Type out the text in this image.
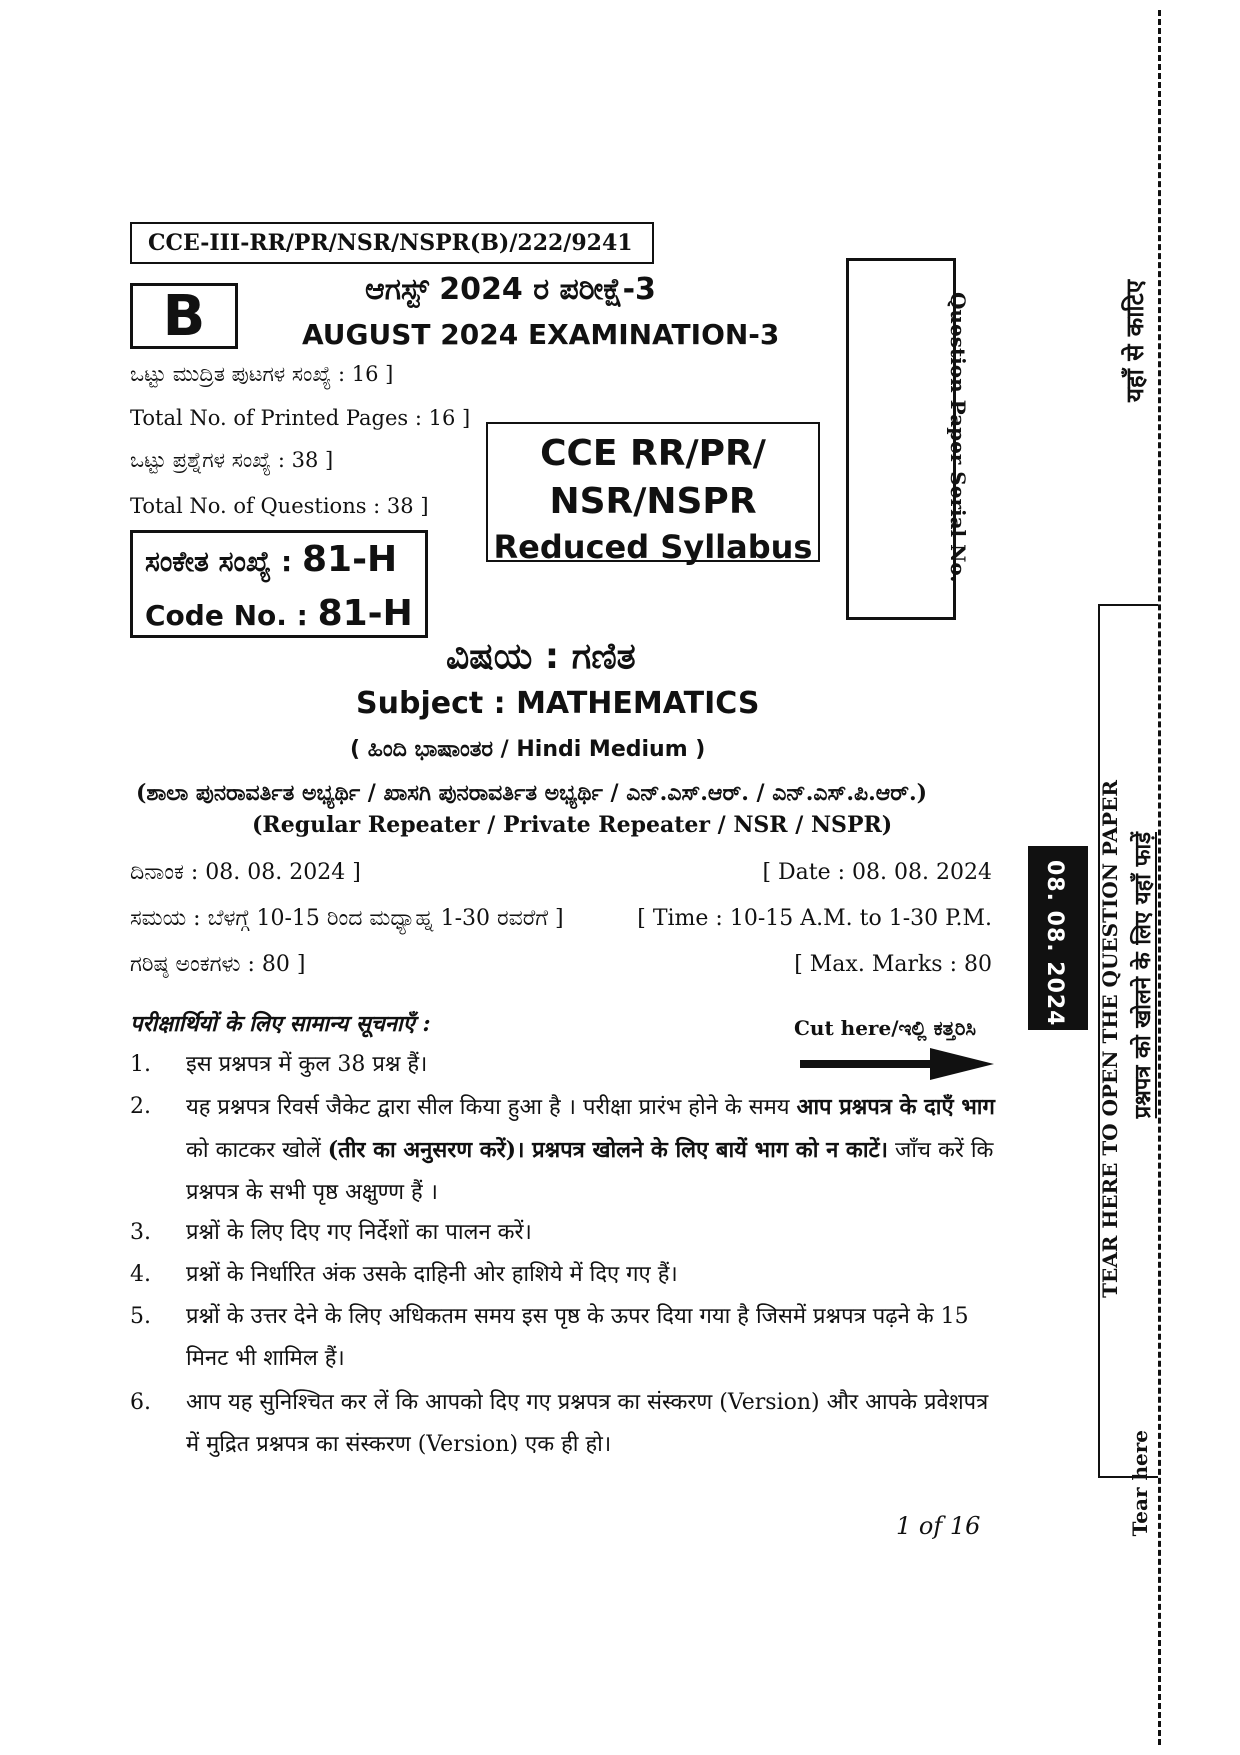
CCE-III-RR/PR/NSR/NSPR(B)/222/9241
B	ಆಗಸ್ಟ್ 2024 ರ ಪರೀಕ್ಷೆ-3
AUGUST 2024 EXAMINATION-3
ಒಟ್ಟು ಮುದ್ರಿತ ಪುಟಗಳ ಸಂಖ್ಯೆ : 16 ]
Total No. of Printed Pages : 16 ]
ಒಟ್ಟು ಪ್ರಶ್ನೆಗಳ ಸಂಖ್ಯೆ : 38 ]
Total No. of Questions : 38 ]
CCE RR/PR/
NSR/NSPR
Reduced Syllabus
ಸಂಕೇತ ಸಂಖ್ಯೆ : 81-H
Code No. : 81-H
Question Paper Serial No.
ವಿಷಯ : ಗಣಿತ
Subject : MATHEMATICS
( ಹಿಂದಿ ಭಾಷಾಂತರ / Hindi Medium )
(ಶಾಲಾ ಪುನರಾವರ್ತಿತ ಅಭ್ಯರ್ಥಿ / ಖಾಸಗಿ ಪುನರಾವರ್ತಿತ ಅಭ್ಯರ್ಥಿ / ಎನ್.ಎಸ್.ಆರ್. / ಎನ್.ಎಸ್.ಪಿ.ಆರ್.)
(Regular Repeater / Private Repeater / NSR / NSPR)
ದಿನಾಂಕ : 08. 08. 2024 ]	[ Date : 08. 08. 2024
ಸಮಯ : ಬೆಳಗ್ಗೆ 10-15 ರಿಂದ ಮಧ್ಯಾಹ್ನ 1-30 ರವರೆಗೆ ]	[ Time : 10-15 A.M. to 1-30 P.M.
ಗರಿಷ್ಠ ಅಂಕಗಳು : 80 ]	[ Max. Marks : 80
परीक्षार्थियों के लिए सामान्य सूचनाएँ :	Cut here/ಇಲ್ಲಿ ಕತ್ತರಿಸಿ
1. इस प्रश्नपत्र में कुल 38 प्रश्न हैं।
2. यह प्रश्नपत्र रिवर्स जैकेट द्वारा सील किया हुआ है । परीक्षा प्रारंभ होने के समय आप प्रश्नपत्र के दाएँ भाग को काटकर खोलें (तीर का अनुसरण करें)। प्रश्नपत्र खोलने के लिए बायें भाग को न काटें। जाँच करें कि प्रश्नपत्र के सभी पृष्ठ अक्षुण्ण हैं ।
3. प्रश्नों के लिए दिए गए निर्देशों का पालन करें।
4. प्रश्नों के निर्धारित अंक उसके दाहिनी ओर हाशिये में दिए गए हैं।
5. प्रश्नों के उत्तर देने के लिए अधिकतम समय इस पृष्ठ के ऊपर दिया गया है जिसमें प्रश्नपत्र पढ़ने के 15 मिनट भी शामिल हैं।
6. आप यह सुनिश्चित कर लें कि आपको दिए गए प्रश्नपत्र का संस्करण (Version) और आपके प्रवेशपत्र में मुद्रित प्रश्नपत्र का संस्करण (Version) एक ही हो।
1 of 16
08. 08. 2024 TEAR HERE TO OPEN THE QUESTION PAPER प्रश्नपत्र को खोलने के लिए यहाँ फाड़ें
यहाँ से काटिए
Tear here
